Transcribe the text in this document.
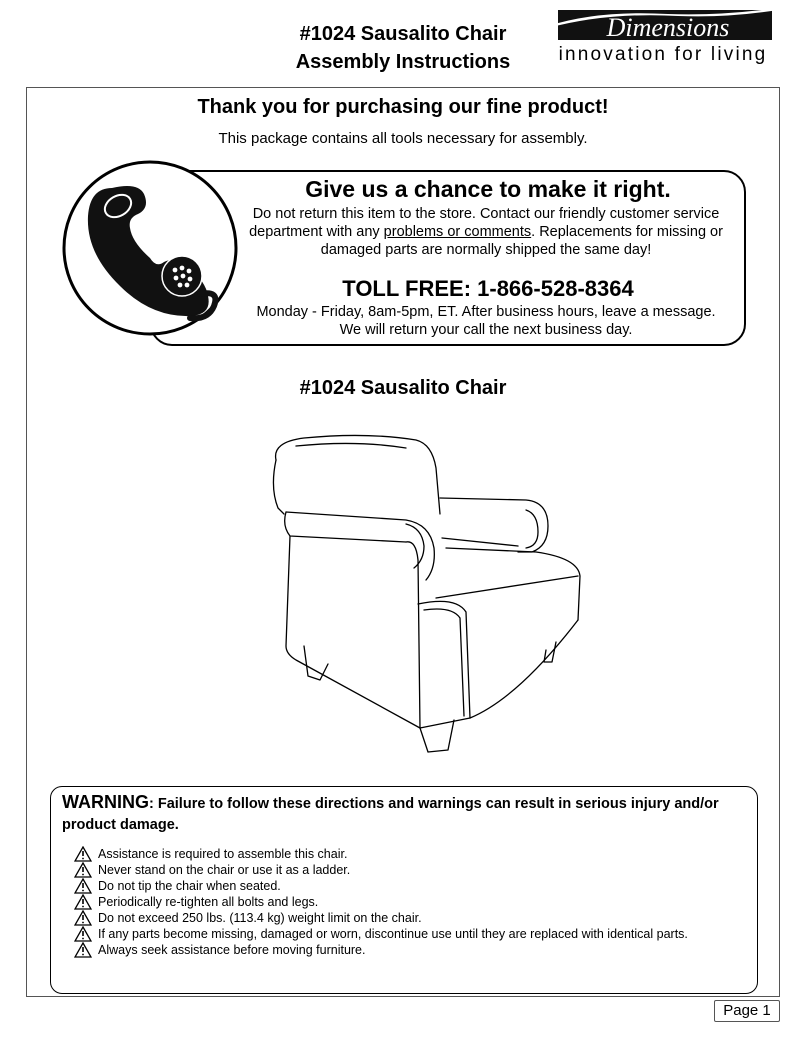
#1024 Sausalito Chair
Assembly Instructions
Dimensions
innovation for living
Thank you for purchasing our fine product!
This package contains all tools necessary for assembly.
Give us a chance to make it right.
Do not return this item to the store. Contact our friendly customer service department with any problems or comments. Replacements for missing or damaged parts are normally shipped the same day!
TOLL FREE: 1-866-528-8364
Monday - Friday, 8am-5pm, ET. After business hours, leave a message.
We will return your call the next business day.
#1024 Sausalito Chair
WARNING: Failure to follow these directions and warnings can result in serious injury and/or product damage.
Assistance is required to assemble this chair.
Never stand on the chair or use it as a ladder.
Do not tip the chair when seated.
Periodically re-tighten all bolts and legs.
Do not exceed 250 lbs. (113.4 kg) weight limit on the chair.
If any parts become missing, damaged or worn, discontinue use until they are replaced with identical parts.
Always seek assistance before moving furniture.
Page 1
